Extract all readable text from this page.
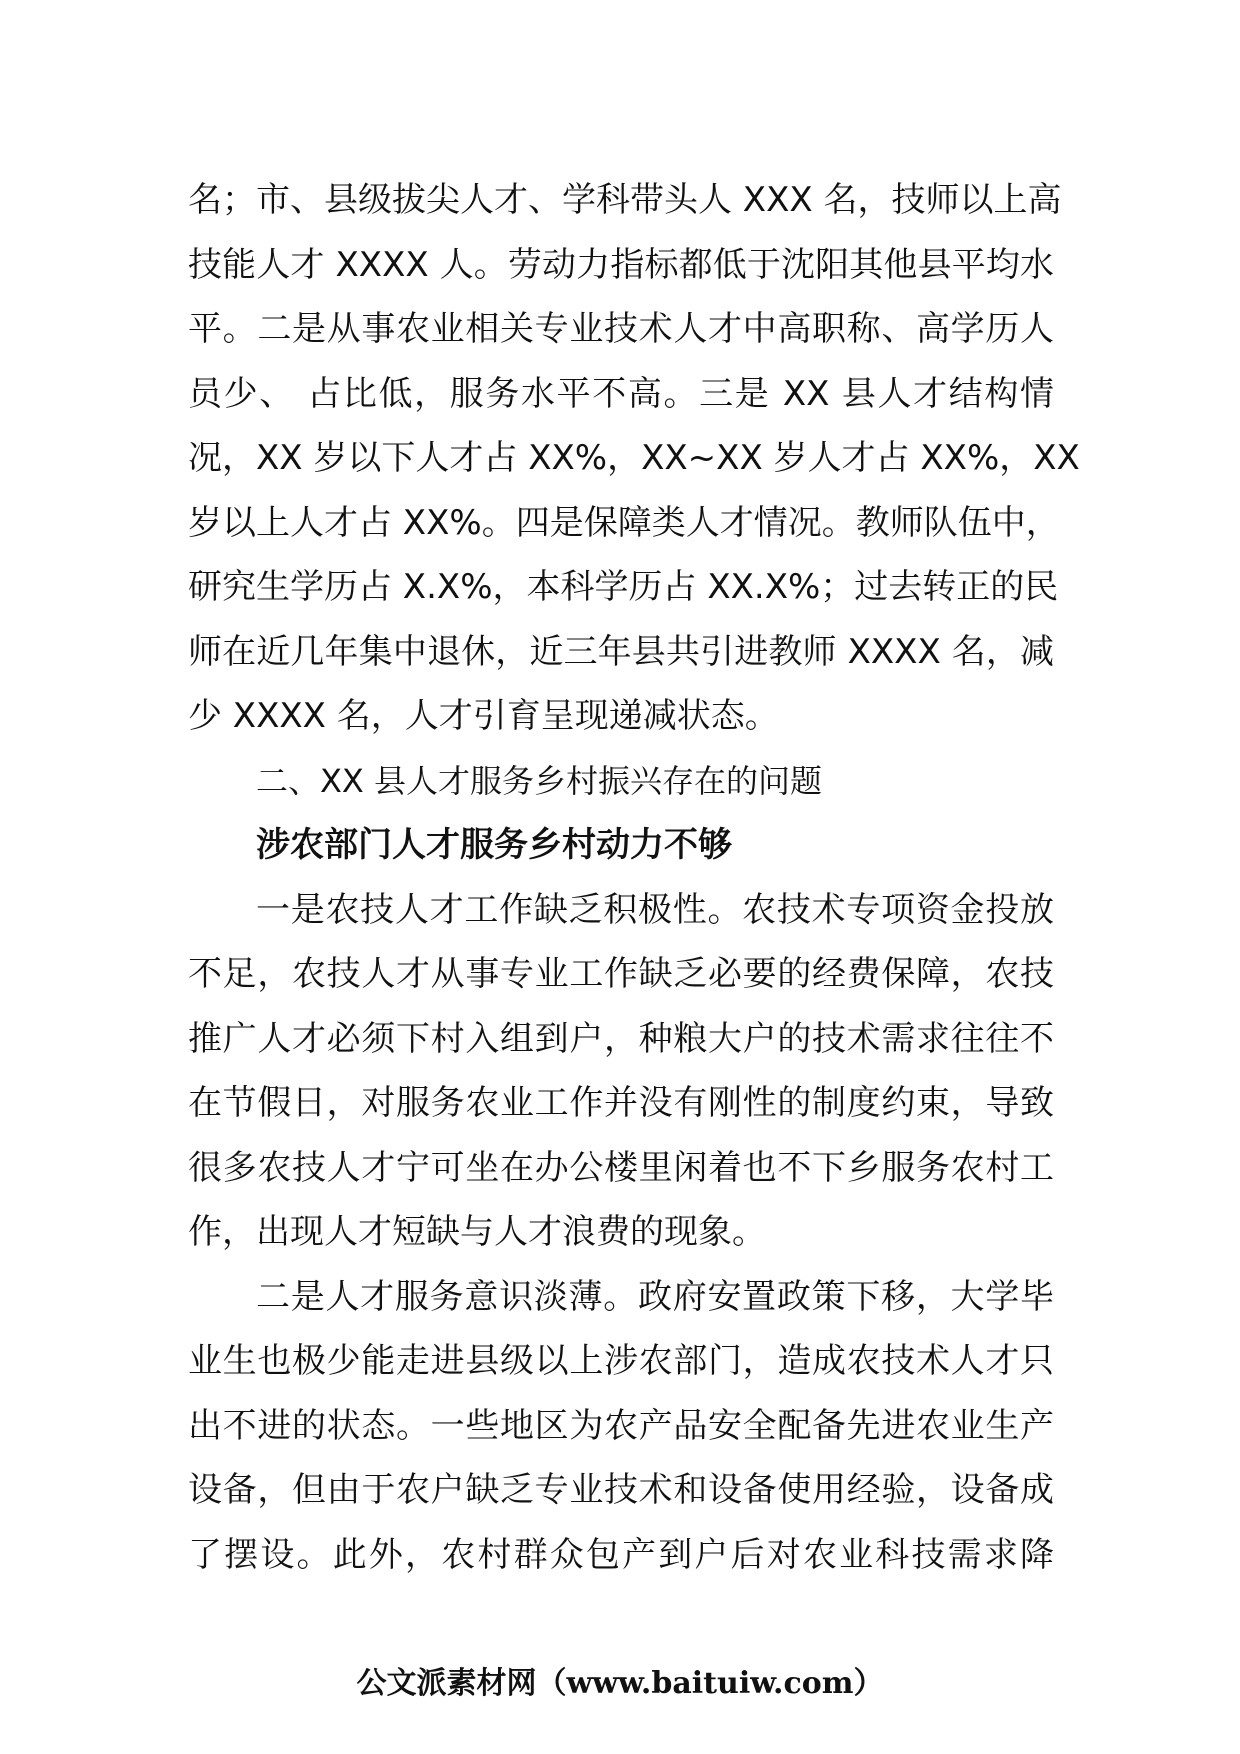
名；市、县级拔尖人才、学科带头人 XXX 名，技师以上高
技能人才 XXXX 人。劳动力指标都低于沈阳其他县平均水
平。二是从事农业相关专业技术人才中高职称、高学历人
员少、 占比低，服务水平不高。三是 XX 县人才结构情
况，XX 岁以下人才占 XX%，XX~XX 岁人才占 XX%，XX
岁以上人才占 XX%。四是保障类人才情况。教师队伍中，
研究生学历占 X.X%，本科学历占 XX.X%；过去转正的民
师在近几年集中退休，近三年县共引进教师 XXXX 名，减
少 XXXX 名，人才引育呈现递减状态。
二、XX 县人才服务乡村振兴存在的问题
涉农部门人才服务乡村动力不够
一是农技人才工作缺乏积极性。农技术专项资金投放
不足，农技人才从事专业工作缺乏必要的经费保障，农技
推广人才必须下村入组到户，种粮大户的技术需求往往不
在节假日，对服务农业工作并没有刚性的制度约束，导致
很多农技人才宁可坐在办公楼里闲着也不下乡服务农村工
作，出现人才短缺与人才浪费的现象。
二是人才服务意识淡薄。政府安置政策下移，大学毕
业生也极少能走进县级以上涉农部门，造成农技术人才只
出不进的状态。一些地区为农产品安全配备先进农业生产
设备，但由于农户缺乏专业技术和设备使用经验，设备成
了摆设。此外，农村群众包产到户后对农业科技需求降
公文派素材网（www.baituiw.com）
